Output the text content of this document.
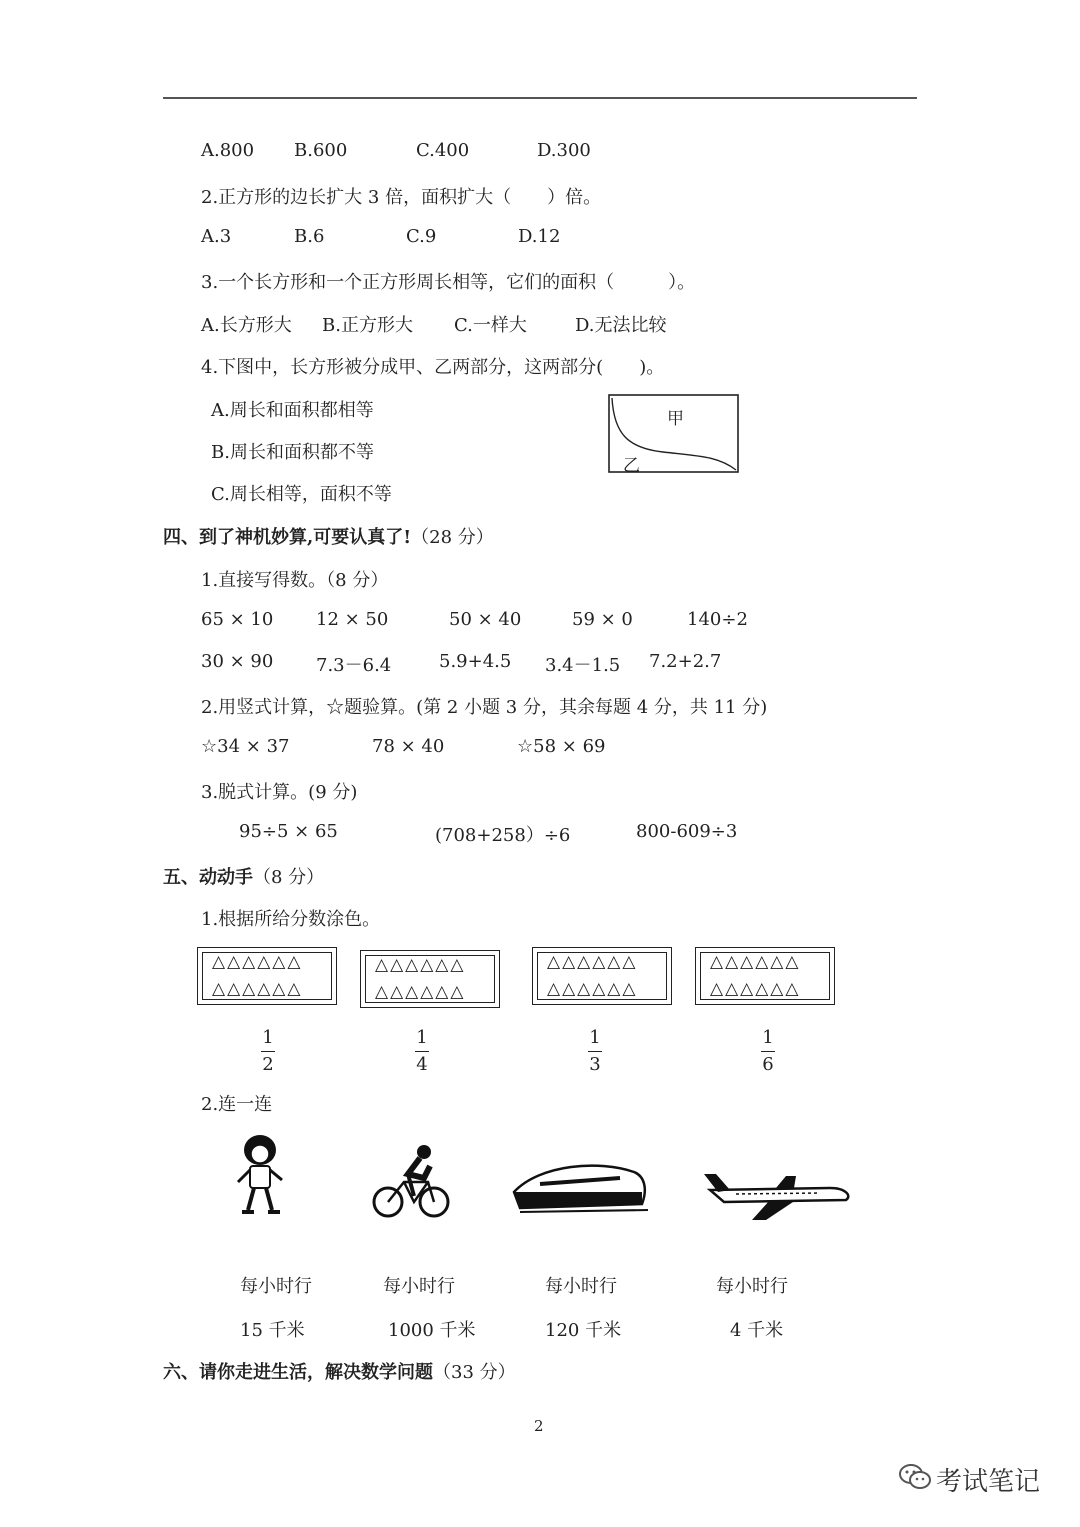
A.800 B.600	C.400	D.300
2.正方形的边长扩大 3 倍，面积扩大（　　）倍。
A.3	B.6	C.9	D.12
3.一个长方形和一个正方形周长相等，它们的面积（　　　）。
A.长方形大 B.正方形大 C.一样大	D.无法比较
4.下图中，长方形被分成甲、乙两部分，这两部分(　　)。
A.周长和面积都相等
B.周长和面积都不等
C.周长相等，面积不等
甲
乙
四、到了神机妙算,可要认真了!（28 分）
1.直接写得数。（8 分）
65 × 10 12 × 50	50 × 40	59 × 0	140÷2
30 × 90 7.3－6.4	5.9+4.5 3.4－1.5 7.2+2.7
2.用竖式计算，☆题验算。(第 2 小题 3 分，其余每题 4 分，共 11 分)
☆34 × 37	78 × 40	☆58 × 69
3.脱式计算。(9 分)
95÷5 × 65	(708+258）÷6	800-609÷3
五、动动手（8 分）
1.根据所给分数涂色。
△△△△△△
△△△△△△
△△△△△△
△△△△△△
△△△△△△
△△△△△△
△△△△△△
△△△△△△
1
2
1
4
1
3
1
6
2.连一连
每小时行	每小时行	每小时行	每小时行
15 千米	1000 千米	120 千米	4 千米
六、请你走进生活，解决数学问题（33 分）
2
考试笔记
